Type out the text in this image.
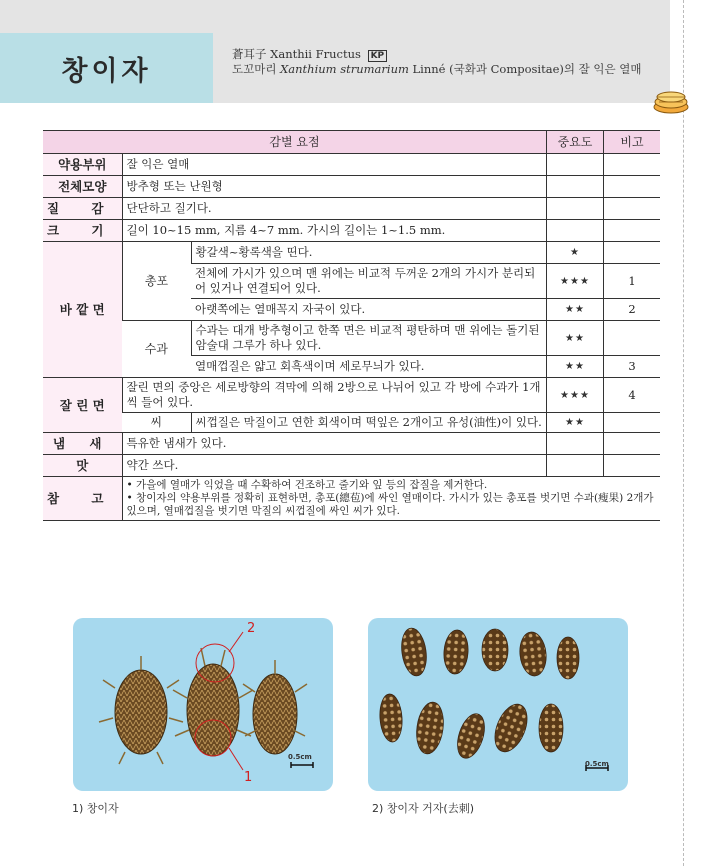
창이자
蒼耳子 Xanthii Fructus KP
도꼬마리 Xanthium strumarium Linné (국화과 Compositae)의 잘 익은 열매
감별 요점			중요도	비고
약용부위	잘 익은 열매			
전체모양	방추형 또는 난원형			
질 감	단단하고 질기다.			
크 기	길이 10~15 mm, 지름 4~7 mm. 가시의 길이는 1~1.5 mm.			
바 깥 면	총포	황갈색~황록색을 띤다.	★	
		전체에 가시가 있으며 맨 위에는 비교적 두꺼운 2개의 가시가 분리되어 있거나 연결되어 있다.	★★★	1
		아랫쪽에는 열매꼭지 자국이 있다.	★★	2
	수과	수과는 대개 방추형이고 한쪽 면은 비교적 평탄하며 맨 위에는 돌기된 암술대 그루가 하나 있다.	★★	
		열매껍질은 얇고 회흑색이며 세로무늬가 있다.	★★	3
잘 린 면	잘린 면의 중앙은 세로방향의 격막에 의해 2방으로 나뉘어 있고 각 방에 수과가 1개씩 들어 있다.		★★★	4
	씨	씨껍질은 막질이고 연한 회색이며 떡잎은 2개이고 유성(油性)이 있다.	★★	
냄 새	특유한 냄새가 있다.			
맛	약간 쓰다.			
참 고	• 가을에 열매가 익었을 때 수확하여 건조하고 줄기와 잎 등의 잡질을 제거한다.
• 창이자의 약용부위를 정확히 표현하면, 총포(總苞)에 싸인 열매이다. 가시가 있는 총포를 벗기면 수과(瘦果) 2개가 있으며, 열매껍질을 벗기면 막질의 씨껍질에 싸인 씨가 있다.			
2
1
0.5cm
1) 창이자
0.5cm
2) 창이자 거자(去刺)
